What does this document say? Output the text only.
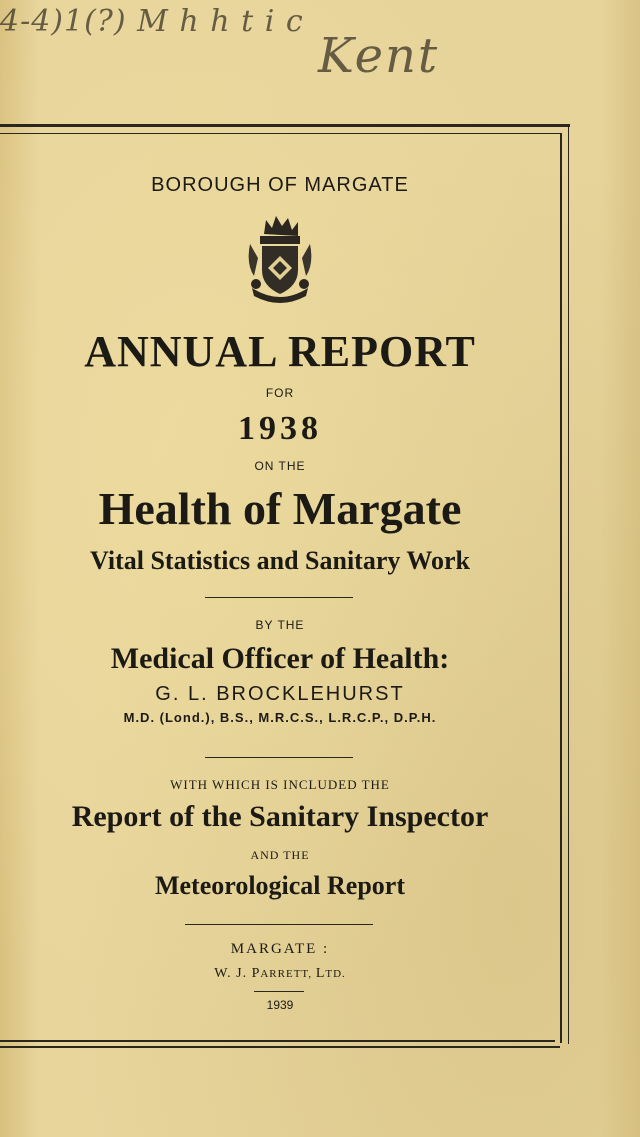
4-4)1(?) M h h t i c
Kent
BOROUGH OF MARGATE
ANNUAL REPORT
FOR
1938
ON THE
Health of Margate
Vital Statistics and Sanitary Work
BY THE
Medical Officer of Health:
G. L. BROCKLEHURST
M.D. (Lond.), B.S., M.R.C.S., L.R.C.P., D.P.H.
WITH WHICH IS INCLUDED THE
Report of the Sanitary Inspector
AND THE
Meteorological Report
MARGATE :
W. J. PARRETT, LTD.
1939
